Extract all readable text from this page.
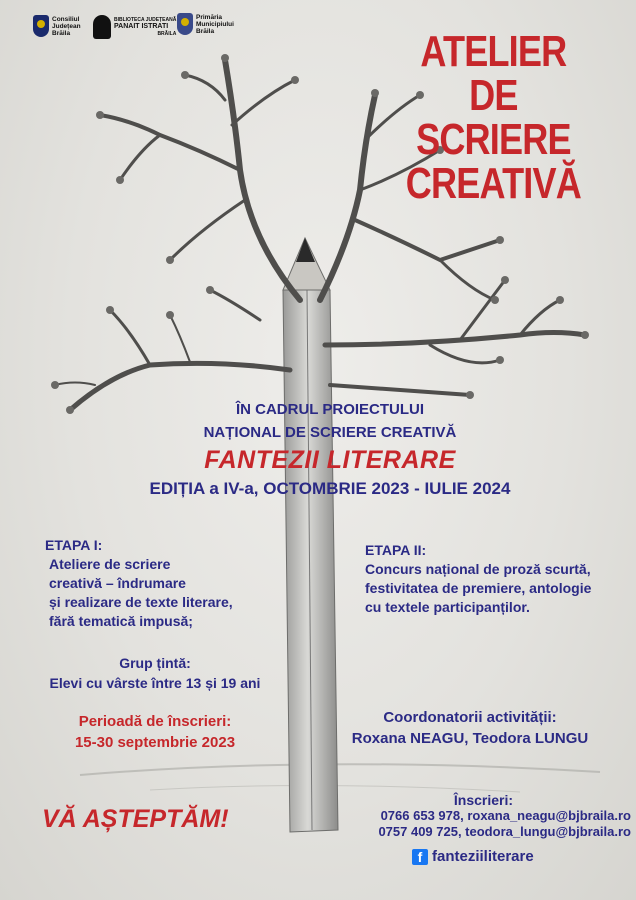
Consiliul
Județean
Brăila
BIBLIOTECA JUDEȚEANĂ
PANAIT ISTRATI
BRĂILA
Primăria
Municipiului
Brăila	ATELIER DE
SCRIERE
CREATIVĂ
ÎN CADRUL PROIECTULUI
NAȚIONAL DE SCRIERE CREATIVĂ
FANTEZII LITERARE
EDIȚIA a IV-a, OCTOMBRIE 2023 - IULIE 2024
ETAPA I:
Ateliere de scriere
creativă – îndrumare
și realizare de texte literare,
fără tematică impusă;
ETAPA II:
Concurs național de proză scurtă,
festivitatea de premiere, antologie
cu textele participanților.
Grup țintă:
Elevi cu vârste între 13 și 19 ani
Perioadă de înscrieri:
15-30 septembrie 2023
Coordonatorii activității:
Roxana NEAGU, Teodora LUNGU
VĂ AȘTEPTĂM!
Înscrieri:
0766 653 978, roxana_neagu@bjbraila.ro
0757 409 725, teodora_lungu@bjbraila.ro
f fanteziiliterare
